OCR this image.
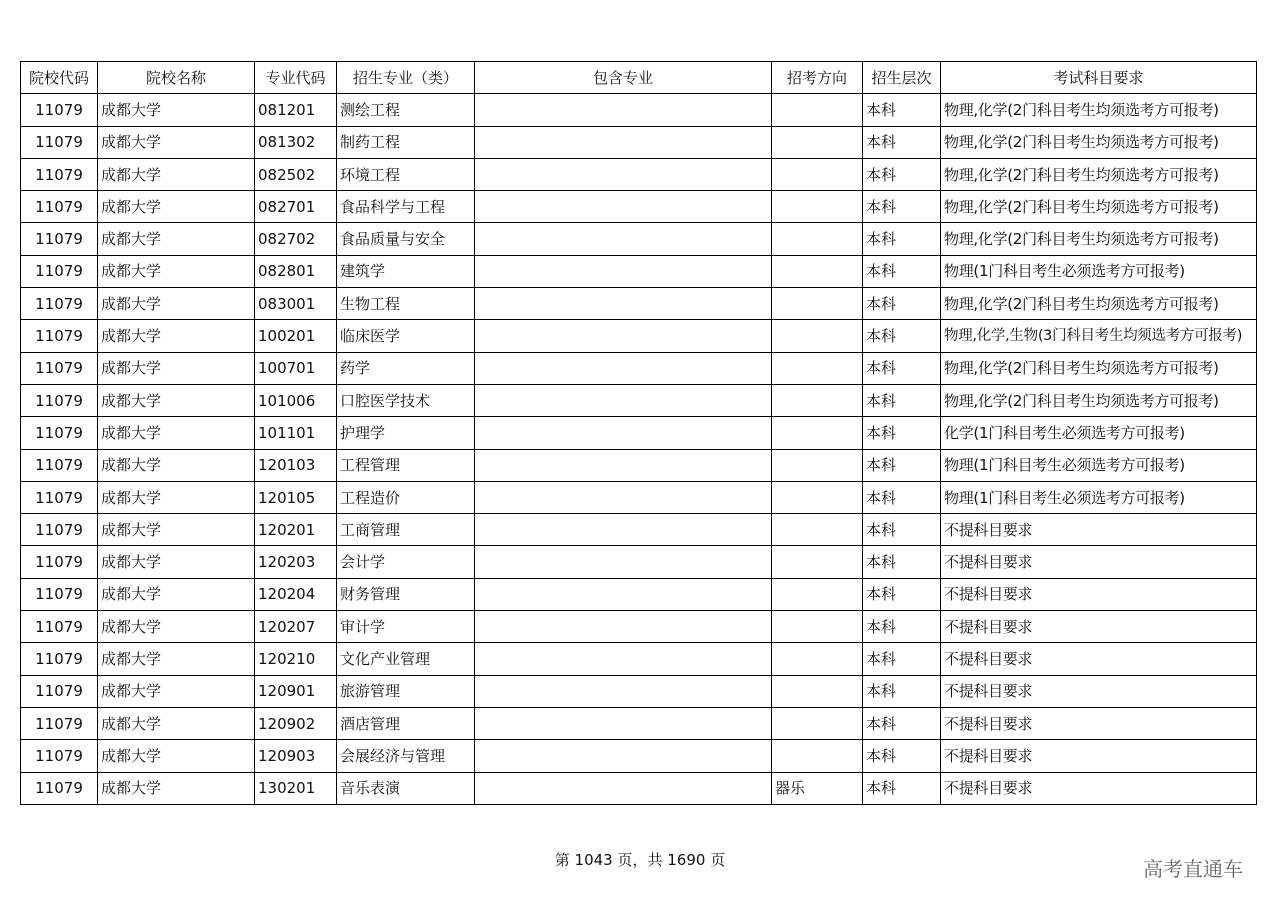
院校代码	院校名称	专业代码	招生专业（类）	包含专业	招考方向	招生层次	考试科目要求
11079	成都大学	081201	测绘工程			本科	物理,化学(2门科目考生均须选考方可报考)
11079	成都大学	081302	制药工程			本科	物理,化学(2门科目考生均须选考方可报考)
11079	成都大学	082502	环境工程			本科	物理,化学(2门科目考生均须选考方可报考)
11079	成都大学	082701	食品科学与工程			本科	物理,化学(2门科目考生均须选考方可报考)
11079	成都大学	082702	食品质量与安全			本科	物理,化学(2门科目考生均须选考方可报考)
11079	成都大学	082801	建筑学			本科	物理(1门科目考生必须选考方可报考)
11079	成都大学	083001	生物工程			本科	物理,化学(2门科目考生均须选考方可报考)
11079	成都大学	100201	临床医学			本科	物理,化学,生物(3门科目考生均须选考方可报考)
11079	成都大学	100701	药学			本科	物理,化学(2门科目考生均须选考方可报考)
11079	成都大学	101006	口腔医学技术			本科	物理,化学(2门科目考生均须选考方可报考)
11079	成都大学	101101	护理学			本科	化学(1门科目考生必须选考方可报考)
11079	成都大学	120103	工程管理			本科	物理(1门科目考生必须选考方可报考)
11079	成都大学	120105	工程造价			本科	物理(1门科目考生必须选考方可报考)
11079	成都大学	120201	工商管理			本科	不提科目要求
11079	成都大学	120203	会计学			本科	不提科目要求
11079	成都大学	120204	财务管理			本科	不提科目要求
11079	成都大学	120207	审计学			本科	不提科目要求
11079	成都大学	120210	文化产业管理			本科	不提科目要求
11079	成都大学	120901	旅游管理			本科	不提科目要求
11079	成都大学	120902	酒店管理			本科	不提科目要求
11079	成都大学	120903	会展经济与管理			本科	不提科目要求
11079	成都大学	130201	音乐表演		器乐	本科	不提科目要求
第 1043 页，共 1690 页	高考直通车
